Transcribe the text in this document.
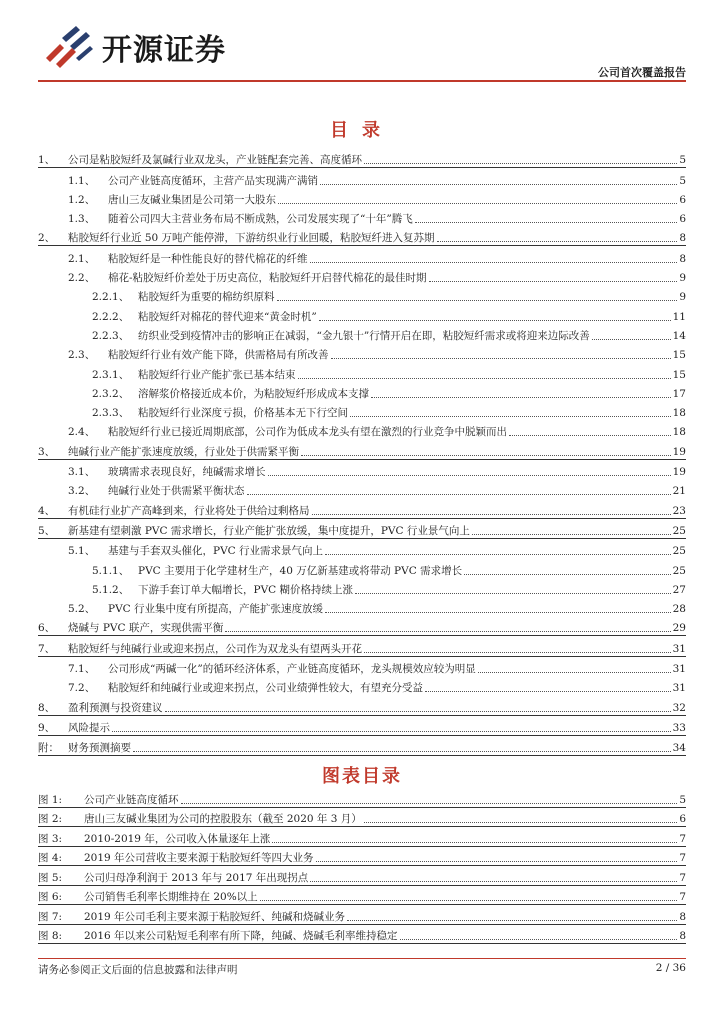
开源证券
公司首次覆盖报告
目录
1、	公司是粘胶短纤及氯碱行业双龙头，产业链配套完善、高度循环	5
1.1、	公司产业链高度循环，主营产品实现满产满销	5
1.2、	唐山三友碱业集团是公司第一大股东	6
1.3、	随着公司四大主营业务布局不断成熟，公司发展实现了“十年”腾飞	6
2、	粘胶短纤行业近 50 万吨产能停滞，下游纺织业行业回暖，粘胶短纤进入复苏期	8
2.1、	粘胶短纤是一种性能良好的替代棉花的纤维	8
2.2、	棉花-粘胶短纤价差处于历史高位，粘胶短纤开启替代棉花的最佳时期	9
2.2.1、 粘胶短纤为重要的棉纺织原料	9
2.2.2、 粘胶短纤对棉花的替代迎来“黄金时机”	11
2.2.3、 纺织业受到疫情冲击的影响正在减弱，“金九银十”行情开启在即，粘胶短纤需求或将迎来边际改善	14
2.3、	粘胶短纤行业有效产能下降，供需格局有所改善	15
2.3.1、 粘胶短纤行业产能扩张已基本结束	15
2.3.2、 溶解浆价格接近成本价，为粘胶短纤形成成本支撑	17
2.3.3、 粘胶短纤行业深度亏损，价格基本无下行空间	18
2.4、	粘胶短纤行业已接近周期底部，公司作为低成本龙头有望在激烈的行业竞争中脱颖而出	18
3、	纯碱行业产能扩张速度放缓，行业处于供需紧平衡	19
3.1、	玻璃需求表现良好，纯碱需求增长	19
3.2、	纯碱行业处于供需紧平衡状态	21
4、	有机硅行业扩产高峰到来，行业将处于供给过剩格局	23
5、	新基建有望刺激 PVC 需求增长，行业产能扩张放缓，集中度提升，PVC 行业景气向上	25
5.1、	基建与手套双头催化，PVC 行业需求景气向上	25
5.1.1、 PVC 主要用于化学建材生产，40 万亿新基建或将带动 PVC 需求增长	25
5.1.2、 下游手套订单大幅增长，PVC 糊价格持续上涨	27
5.2、	PVC 行业集中度有所提高，产能扩张速度放缓	28
6、	烧碱与 PVC 联产，实现供需平衡	29
7、	粘胶短纤与纯碱行业或迎来拐点，公司作为双龙头有望两头开花	31
7.1、	公司形成“两碱一化”的循环经济体系，产业链高度循环，龙头规模效应较为明显	31
7.2、	粘胶短纤和纯碱行业或迎来拐点，公司业绩弹性较大，有望充分受益	31
8、	盈利预测与投资建议	32
9、	风险提示	33
附： 财务预测摘要	34
图表目录
图 1:	公司产业链高度循环	5
图 2:	唐山三友碱业集团为公司的控股股东（截至 2020 年 3 月）	6
图 3:	2010-2019 年，公司收入体量逐年上涨	7
图 4:	2019 年公司营收主要来源于粘胶短纤等四大业务	7
图 5:	公司归母净利润于 2013 年与 2017 年出现拐点	7
图 6:	公司销售毛利率长期维持在 20%以上	7
图 7:	2019 年公司毛利主要来源于粘胶短纤、纯碱和烧碱业务	8
图 8:	2016 年以来公司粘短毛利率有所下降，纯碱、烧碱毛利率维持稳定	8
请务必参阅正文后面的信息披露和法律声明	2 / 36
